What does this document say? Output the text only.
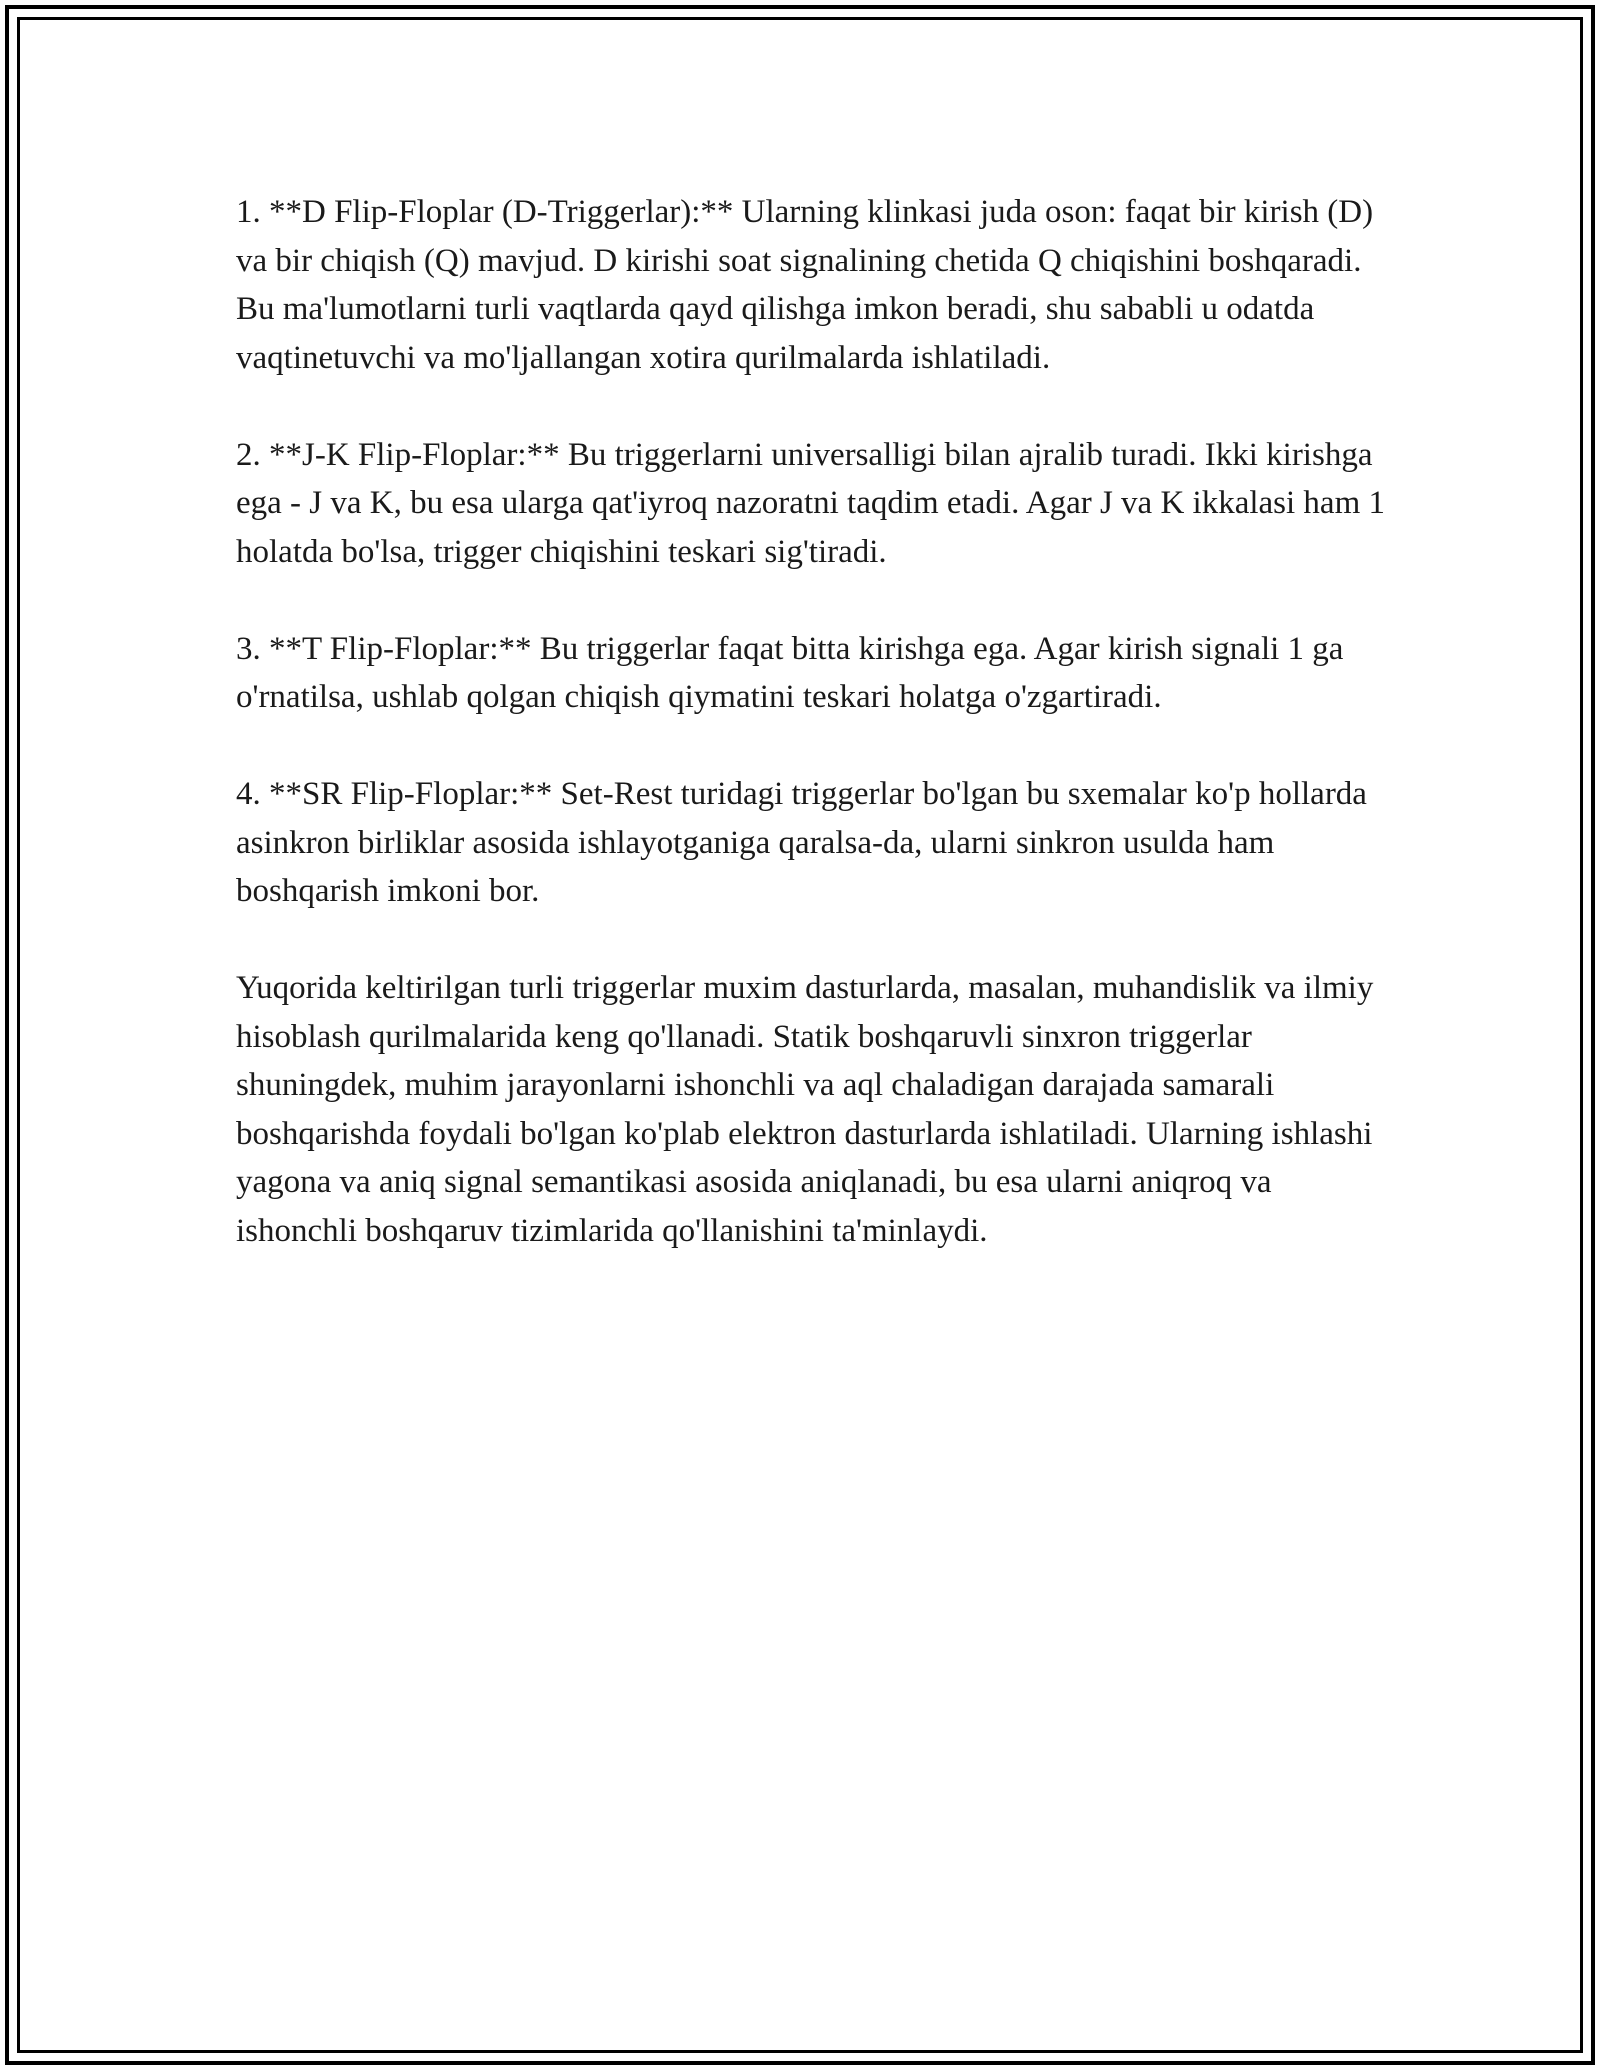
1. **D Flip-Floplar (D-Triggerlar):** Ularning klinkasi juda oson: faqat bir kirish (D) va bir chiqish (Q) mavjud. D kirishi soat signalining chetida Q chiqishini boshqaradi. Bu ma'lumotlarni turli vaqtlarda qayd qilishga imkon beradi, shu sababli u odatda vaqtinetuvchi va mo'ljallangan xotira qurilmalarda ishlatiladi.

2. **J-K Flip-Floplar:** Bu triggerlarni universalligi bilan ajralib turadi. Ikki kirishga ega - J va K, bu esa ularga qat'iyroq nazoratni taqdim etadi. Agar J va K ikkalasi ham 1 holatda bo'lsa, trigger chiqishini teskari sig'tiradi.

3. **T Flip-Floplar:** Bu triggerlar faqat bitta kirishga ega. Agar kirish signali 1 ga o'rnatilsa, ushlab qolgan chiqish qiymatini teskari holatga o'zgartiradi.

4. **SR Flip-Floplar:** Set-Rest turidagi triggerlar bo'lgan bu sxemalar ko'p hollarda asinkron birliklar asosida ishlayotganiga qaralsa-da, ularni sinkron usulda ham boshqarish imkoni bor.

Yuqorida keltirilgan turli triggerlar muxim dasturlarda, masalan, muhandislik va ilmiy hisoblash qurilmalarida keng qo'llanadi. Statik boshqaruvli sinxron triggerlar shuningdek, muhim jarayonlarni ishonchli va aql chaladigan darajada samarali boshqarishda foydali bo'lgan ko'plab elektron dasturlarda ishlatiladi. Ularning ishlashi yagona va aniq signal semantikasi asosida aniqlanadi, bu esa ularni aniqroq va ishonchli boshqaruv tizimlarida qo'llanishini ta'minlaydi.
